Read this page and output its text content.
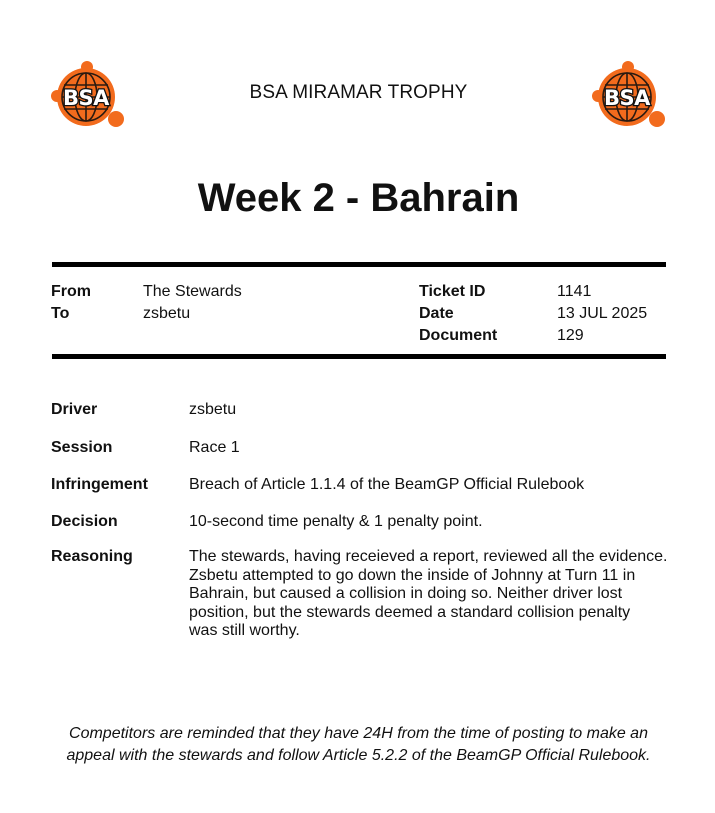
BSA	BSA MIRAMAR TROPHY	BSA
Week 2 - Bahrain
From	The Stewards
To	zsbetu
Ticket ID	1141
Date	13 JUL 2025
Document	129
Driver	zsbetu
Session	Race 1
Infringement	Breach of Article 1.1.4 of the BeamGP Official Rulebook
Decision	10-second time penalty & 1 penalty point.
Reasoning	The stewards, having receieved a report, reviewed all the evidence.
Zsbetu attempted to go down the inside of Johnny at Turn 11 in
Bahrain, but caused a collision in doing so. Neither driver lost
position, but the stewards deemed a standard collision penalty
was still worthy.
Competitors are reminded that they have 24H from the time of posting to make an
appeal with the stewards and follow Article 5.2.2 of the BeamGP Official Rulebook.
